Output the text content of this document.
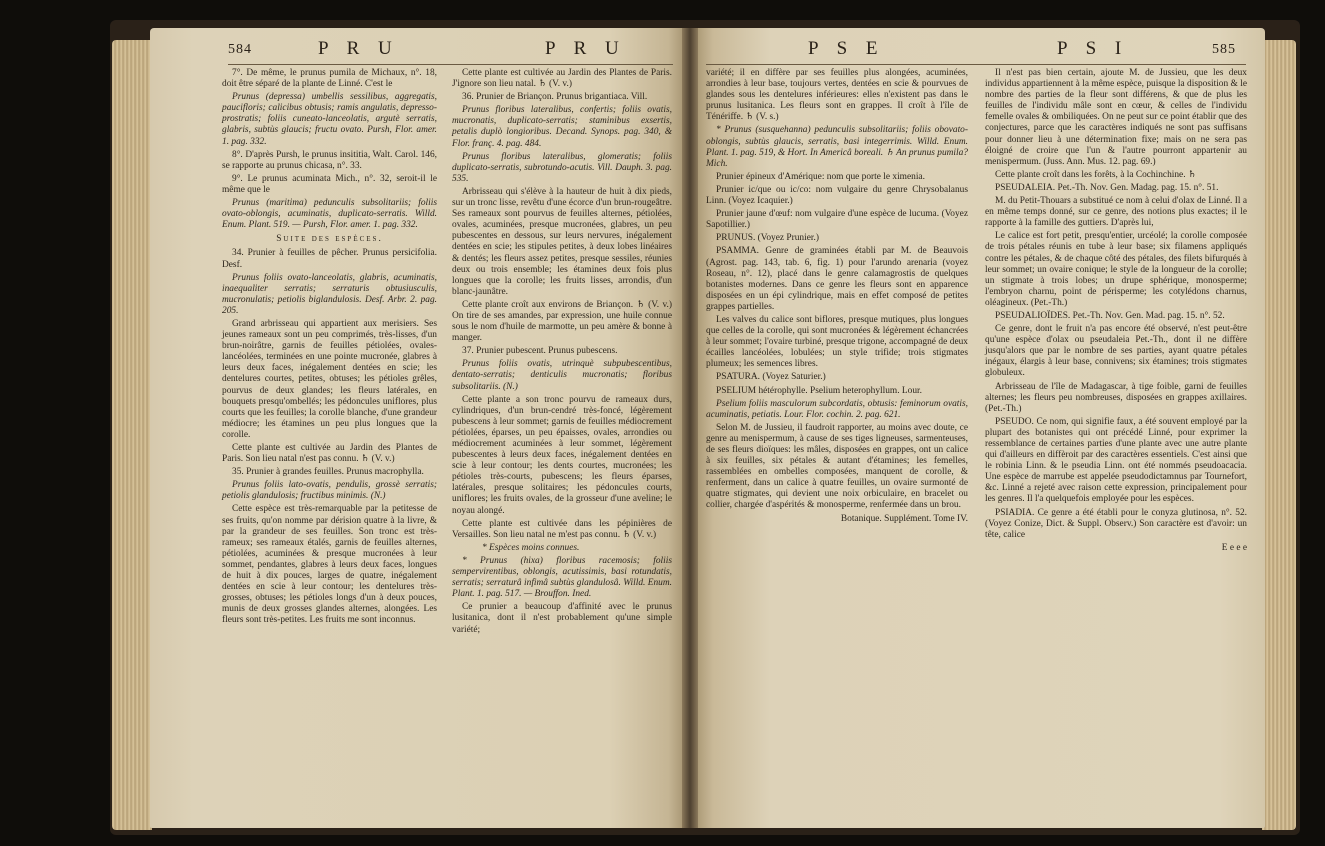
584	P R U	P R U	P S E	P S I	585

7°. De même, le prunus pumila de Michaux, n°. 18, doit être séparé de la plante de Linné. C'est le

Prunus (depressa) umbellis sessilibus, aggregatis, paucifloris; calicibus obtusis; ramis angulatis, depresso-prostratis; foliis cuneato-lanceolatis, argutè serratis, glabris, subtùs glaucis; fructu ovato. Pursh, Flor. amer. 1. pag. 332.

8°. D'après Pursh, le prunus insititia, Walt. Carol. 146, se rapporte au prunus chicasa, n°. 33.

9°. Le prunus acuminata Mich., n°. 32, seroit-il le même que le

Prunus (maritima) pedunculis subsolitariis; foliis ovato-oblongis, acuminatis, duplicato-serratis. Willd. Enum. Plant. 519. — Pursh, Flor. amer. 1. pag. 332.

Suite des espèces.

34. Prunier à feuilles de pêcher. Prunus persicifolia. Desf.

Prunus foliis ovato-lanceolatis, glabris, acuminatis, inaequaliter serratis; serraturis obtusiusculis, mucronulatis; petiolis biglandulosis. Desf. Arbr. 2. pag. 205.

Grand arbrisseau qui appartient aux merisiers. Ses jeunes rameaux sont un peu comprimés, très-lisses, d'un brun-noirâtre, garnis de feuilles pétiolées, ovales-lancéolées, terminées en une pointe mucronée, glabres à leurs deux faces, inégalement dentées en scie; les dentelures courtes, petites, obtuses; les pétioles grêles, pourvus de deux glandes; les fleurs latérales, en bouquets presqu'ombellés; les pédoncules uniflores, plus courts que les feuilles; la corolle blanche, d'une grandeur médiocre; les étamines un peu plus longues que la corolle.

Cette plante est cultivée au Jardin des Plantes de Paris. Son lieu natal n'est pas connu. ♄ (V. v.)

35. Prunier à grandes feuilles. Prunus macrophylla.

Prunus foliis lato-ovatis, pendulis, grossè serratis; petiolis glandulosis; fructibus minimis. (N.)

Cette espèce est très-remarquable par la petitesse de ses fruits, qu'on nomme par dérision quatre à la livre, & par la grandeur de ses feuilles. Son tronc est très-rameux; ses rameaux étalés, garnis de feuilles alternes, pétiolées, acuminées & presque mucronées à leur sommet, pendantes, glabres à leurs deux faces, longues de huit à dix pouces, larges de quatre, inégalement dentées en scie à leur contour; les dentelures très-grosses, obtuses; les pétioles longs d'un à deux pouces, munis de deux grosses glandes alternes, alongées. Les fleurs sont très-petites. Les fruits me sont inconnus.

Cette plante est cultivée au Jardin des Plantes de Paris. J'ignore son lieu natal. ♄ (V. v.)

36. Prunier de Briançon. Prunus brigantiaca. Vill.

Prunus floribus lateralibus, confertis; foliis ovatis, mucronatis, duplicato-serratis; staminibus exsertis, petalis duplò longioribus. Decand. Synops. pag. 340, & Flor. franç. 4. pag. 484.

Prunus floribus lateralibus, glomeratis; foliis duplicato-serratis, subrotundo-acutis. Vill. Dauph. 3. pag. 535.

Arbrisseau qui s'élève à la hauteur de huit à dix pieds, sur un tronc lisse, revêtu d'une écorce d'un brun-rougeâtre. Ses rameaux sont pourvus de feuilles alternes, pétiolées, ovales, acuminées, presque mucronées, glabres, un peu pubescentes en dessous, sur leurs nervures, inégalement dentées en scie; les stipules petites, à deux lobes linéaires & dentés; les fleurs assez petites, presque sessiles, réunies deux ou trois ensemble; les étamines deux fois plus longues que la corolle; les fruits lisses, arrondis, d'un blanc-jaunâtre.

Cette plante croît aux environs de Briançon. ♄ (V. v.) On tire de ses amandes, par expression, une huile connue sous le nom d'huile de marmotte, un peu amère & bonne à manger.

37. Prunier pubescent. Prunus pubescens.

Prunus foliis ovatis, utrinquè subpubescentibus, dentato-serratis; denticulis mucronatis; floribus subsolitariis. (N.)

Cette plante a son tronc pourvu de rameaux durs, cylindriques, d'un brun-cendré très-foncé, légèrement pubescens à leur sommet; garnis de feuilles médiocrement pétiolées, éparses, un peu épaisses, ovales, arrondies ou médiocrement acuminées à leur sommet, légèrement pubescentes à leurs deux faces, inégalement dentées en scie à leur contour; les dents courtes, mucronées; les pétioles très-courts, pubescens; les fleurs éparses, latérales, presque solitaires; les pédoncules courts, uniflores; les fruits ovales, de la grosseur d'une aveline; le noyau alongé.

Cette plante est cultivée dans les pépinières de Versailles. Son lieu natal ne m'est pas connu. ♄ (V. v.)

* Espèces moins connues.

* Prunus (hixa) floribus racemosis; foliis sempervirentibus, oblongis, acutissimis, basi rotundatis, serratis; serraturâ infimâ subtùs glandulosâ. Willd. Enum. Plant. 1. pag. 517. — Brouffon. Ined.

Ce prunier a beaucoup d'affinité avec le prunus lusitanica, dont il n'est probablement qu'une simple variété;

variété; il en diffère par ses feuilles plus alongées, acuminées, arrondies à leur base, toujours vertes, dentées en scie & pourvues de glandes sous les dentelures inférieures: elles n'existent pas dans le prunus lusitanica. Les fleurs sont en grappes. Il croît à l'île de Ténériffe. ♄ (V. s.)

* Prunus (susquehanna) pedunculis subsolitariis; foliis obovato-oblongis, subtùs glaucis, serratis, basi integerrimis. Willd. Enum. Plant. 1. pag. 519, & Hort. In Americâ boreali. ♄ An prunus pumila? Mich.

Prunier épineux d'Amérique: nom que porte le ximenia.

Prunier ic/que ou ic/co: nom vulgaire du genre Chrysobalanus Linn. (Voyez Icaquier.)

Prunier jaune d'œuf: nom vulgaire d'une espèce de lucuma. (Voyez Sapotillier.)

PRUNUS. (Voyez Prunier.)

PSAMMA. Genre de graminées établi par M. de Beauvois (Agrost. pag. 143, tab. 6, fig. 1) pour l'arundo arenaria (voyez Roseau, n°. 12), placé dans le genre calamagrostis de quelques botanistes modernes. Dans ce genre les fleurs sont en apparence disposées en un épi cylindrique, mais en effet composé de petites grappes partielles.

Les valves du calice sont biflores, presque mutiques, plus longues que celles de la corolle, qui sont mucronées & légèrement échancrées à leur sommet; l'ovaire turbiné, presque trigone, accompagné de deux écailles lancéolées, lobulées; un style trifide; trois stigmates plumeux; les semences libres.

PSATURA. (Voyez Saturier.)

PSELIUM hétérophylle. Pselium heterophyllum. Lour.

Pselium foliis masculorum subcordatis, obtusis: feminorum ovatis, acuminatis, petiatis. Lour. Flor. cochin. 2. pag. 621.

Selon M. de Jussieu, il faudroit rapporter, au moins avec doute, ce genre au menispermum, à cause de ses tiges ligneuses, sarmenteuses, de ses fleurs dioïques: les mâles, disposées en grappes, ont un calice à six feuilles, six pétales & autant d'étamines; les femelles, rassemblées en ombelles composées, manquent de corolle, & renferment, dans un calice à quatre feuilles, un ovaire surmonté de quatre stigmates, qui devient une noix orbiculaire, en bracelet ou collier, chargée d'aspérités & monosperme, renfermée dans un brou.

Botanique. Supplément. Tome IV.

Il n'est pas bien certain, ajoute M. de Jussieu, que les deux individus appartiennent à la même espèce, puisque la disposition & le nombre des parties de la fleur sont différens, & que de plus les feuilles de l'individu mâle sont en cœur, & celles de l'individu femelle ovales & ombiliquées. On ne peut sur ce point établir que des conjectures, parce que les caractères indiqués ne sont pas suffisans pour donner lieu à une détermination fixe; mais on ne sera pas éloigné de croire que l'un & l'autre pourront appartenir au menispermum. (Juss. Ann. Mus. 12. pag. 69.)

Cette plante croît dans les forêts, à la Cochinchine. ♄

PSEUDALEIA. Pet.-Th. Nov. Gen. Madag. pag. 15. n°. 51.

M. du Petit-Thouars a substitué ce nom à celui d'olax de Linné. Il a en même temps donné, sur ce genre, des notions plus exactes; il le rapporte à la famille des guttiers. D'après lui,

Le calice est fort petit, presqu'entier, urcéolé; la corolle composée de trois pétales réunis en tube à leur base; six filamens appliqués contre les pétales, & de chaque côté des pétales, des filets bifurqués à leur sommet; un ovaire conique; le style de la longueur de la corolle; un stigmate à trois lobes; un drupe sphérique, monosperme; l'embryon charnu, point de périsperme; les cotylédons charnus, oléagineux. (Pet.-Th.)

PSEUDALIOÏDES. Pet.-Th. Nov. Gen. Mad. pag. 15. n°. 52.

Ce genre, dont le fruit n'a pas encore été observé, n'est peut-être qu'une espèce d'olax ou pseudaleia Pet.-Th., dont il ne diffère jusqu'alors que par le nombre de ses parties, ayant quatre pétales inégaux, élargis à leur base, connivens; six étamines; trois stigmates globuleux.

Arbrisseau de l'île de Madagascar, à tige foible, garni de feuilles alternes; les fleurs peu nombreuses, disposées en grappes axillaires. (Pet.-Th.)

PSEUDO. Ce nom, qui signifie faux, a été souvent employé par la plupart des botanistes qui ont précédé Linné, pour exprimer la ressemblance de certaines parties d'une plante avec une autre plante qui d'ailleurs en diffèroit par des caractères essentiels. C'est ainsi que le robinia Linn. & le pseudia Linn. ont été nommés pseudoacacia. Une espèce de marrube est appelée pseudodictamnus par Tournefort, &c. Linné a rejeté avec raison cette expression, principalement pour les genres. Il l'a quelquefois employée pour les espèces.

PSIADIA. Ce genre a été établi pour le conyza glutinosa, n°. 52. (Voyez Conize, Dict. & Suppl. Observ.) Son caractère est d'avoir: un tête, calice

E e e e
